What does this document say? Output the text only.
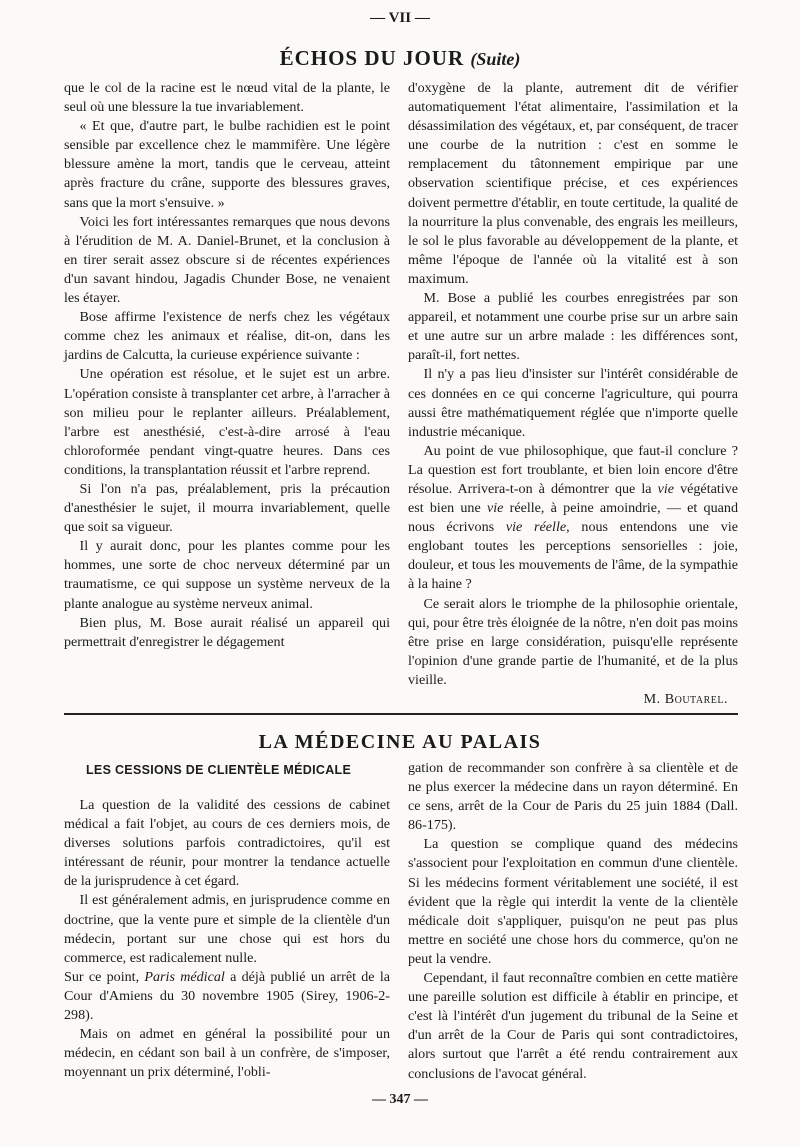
— VII —
ÉCHOS DU JOUR (Suite)

que le col de la racine est le nœud vital de la plante, le seul où une blessure la tue invariablement.

« Et que, d'autre part, le bulbe rachidien est le point sensible par excellence chez le mammifère. Une légère blessure amène la mort, tandis que le cerveau, atteint après fracture du crâne, supporte des blessures graves, sans que la mort s'ensuive. »

Voici les fort intéressantes remarques que nous devons à l'érudition de M. A. Daniel-Brunet, et la conclusion à en tirer serait assez obscure si de récentes expériences d'un savant hindou, Jagadis Chunder Bose, ne venaient les étayer.

Bose affirme l'existence de nerfs chez les végétaux comme chez les animaux et réalise, dit-on, dans les jardins de Calcutta, la curieuse expérience suivante :

Une opération est résolue, et le sujet est un arbre. L'opération consiste à transplanter cet arbre, à l'arracher à son milieu pour le replanter ailleurs. Préalablement, l'arbre est anesthésié, c'est-à-dire arrosé à l'eau chloroformée pendant vingt-quatre heures. Dans ces conditions, la transplantation réussit et l'arbre reprend.

Si l'on n'a pas, préalablement, pris la précaution d'anesthésier le sujet, il mourra invariablement, quelle que soit sa vigueur.

Il y aurait donc, pour les plantes comme pour les hommes, une sorte de choc nerveux déterminé par un traumatisme, ce qui suppose un système nerveux de la plante analogue au système nerveux animal.

Bien plus, M. Bose aurait réalisé un appareil qui permettrait d'enregistrer le dégagement

d'oxygène de la plante, autrement dit de vérifier automatiquement l'état alimentaire, l'assimilation et la désassimilation des végétaux, et, par conséquent, de tracer une courbe de la nutrition : c'est en somme le remplacement du tâtonnement empirique par une observation scientifique précise, et ces expériences doivent permettre d'établir, en toute certitude, la qualité de la nourriture la plus convenable, des engrais les meilleurs, le sol le plus favorable au développement de la plante, et même l'époque de l'année où la vitalité est à son maximum.

M. Bose a publié les courbes enregistrées par son appareil, et notamment une courbe prise sur un arbre sain et une autre sur un arbre malade : les différences sont, paraît-il, fort nettes.

Il n'y a pas lieu d'insister sur l'intérêt considérable de ces données en ce qui concerne l'agriculture, qui pourra aussi être mathématiquement réglée que n'importe quelle industrie mécanique.

Au point de vue philosophique, que faut-il conclure ? La question est fort troublante, et bien loin encore d'être résolue. Arrivera-t-on à démontrer que la vie végétative est bien une vie réelle, à peine amoindrie, — et quand nous écrivons vie réelle, nous entendons une vie englobant toutes les perceptions sensorielles : joie, douleur, et tous les mouvements de l'âme, de la sympathie à la haine ?

Ce serait alors le triomphe de la philosophie orientale, qui, pour être très éloignée de la nôtre, n'en doit pas moins être prise en large considération, puisqu'elle représente l'opinion d'une grande partie de l'humanité, et de la plus vieille.

M. Boutarel.

LA MÉDECINE AU PALAIS
LES CESSIONS DE CLIENTÈLE MÉDICALE

La question de la validité des cessions de cabinet médical a fait l'objet, au cours de ces derniers mois, de diverses solutions parfois contradictoires, qu'il est intéressant de réunir, pour montrer la tendance actuelle de la jurisprudence à cet égard.

Il est généralement admis, en jurisprudence comme en doctrine, que la vente pure et simple de la clientèle d'un médecin, portant sur une chose qui est hors du commerce, est radicalement nulle.

Sur ce point, Paris médical a déjà publié un arrêt de la Cour d'Amiens du 30 novembre 1905 (Sirey, 1906-2-298).

Mais on admet en général la possibilité pour un médecin, en cédant son bail à un confrère, de s'imposer, moyennant un prix déterminé, l'obli-

gation de recommander son confrère à sa clientèle et de ne plus exercer la médecine dans un rayon déterminé. En ce sens, arrêt de la Cour de Paris du 25 juin 1884 (Dall. 86-175).

La question se complique quand des médecins s'associent pour l'exploitation en commun d'une clientèle. Si les médecins forment véritablement une société, il est évident que la règle qui interdit la vente de la clientèle médicale doit s'appliquer, puisqu'on ne peut pas plus mettre en société une chose hors du commerce, qu'on ne peut la vendre.

Cependant, il faut reconnaître combien en cette matière une pareille solution est difficile à établir en principe, et c'est là l'intérêt d'un jugement du tribunal de la Seine et d'un arrêt de la Cour de Paris qui sont contradictoires, alors surtout que l'arrêt a été rendu contrairement aux conclusions de l'avocat général.

— 347 —
